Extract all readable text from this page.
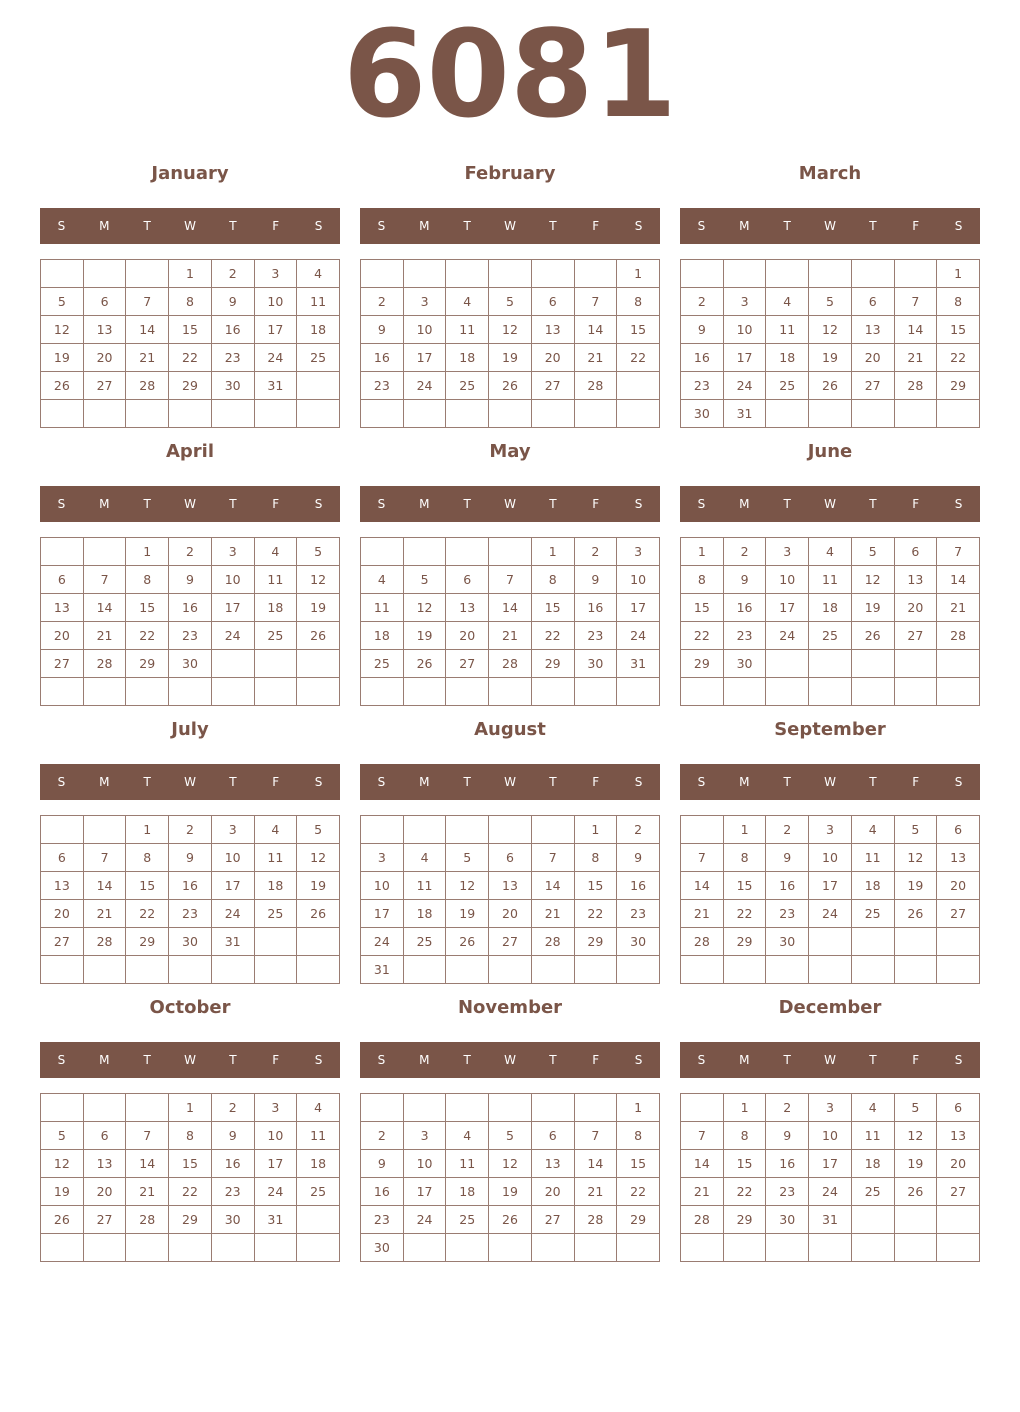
6081
January
S	M	T	W	T	F	S
			1	2	3	4
5	6	7	8	9	10	11
12	13	14	15	16	17	18
19	20	21	22	23	24	25
26	27	28	29	30	31	

February
S	M	T	W	T	F	S
						1
2	3	4	5	6	7	8
9	10	11	12	13	14	15
16	17	18	19	20	21	22
23	24	25	26	27	28	

March
S	M	T	W	T	F	S
						1
2	3	4	5	6	7	8
9	10	11	12	13	14	15
16	17	18	19	20	21	22
23	24	25	26	27	28	29
30	31					
April
S	M	T	W	T	F	S
		1	2	3	4	5
6	7	8	9	10	11	12
13	14	15	16	17	18	19
20	21	22	23	24	25	26
27	28	29	30			

May
S	M	T	W	T	F	S
				1	2	3
4	5	6	7	8	9	10
11	12	13	14	15	16	17
18	19	20	21	22	23	24
25	26	27	28	29	30	31

June
S	M	T	W	T	F	S
1	2	3	4	5	6	7
8	9	10	11	12	13	14
15	16	17	18	19	20	21
22	23	24	25	26	27	28
29	30					

July
S	M	T	W	T	F	S
		1	2	3	4	5
6	7	8	9	10	11	12
13	14	15	16	17	18	19
20	21	22	23	24	25	26
27	28	29	30	31		

August
S	M	T	W	T	F	S
					1	2
3	4	5	6	7	8	9
10	11	12	13	14	15	16
17	18	19	20	21	22	23
24	25	26	27	28	29	30
31						
September
S	M	T	W	T	F	S
	1	2	3	4	5	6
7	8	9	10	11	12	13
14	15	16	17	18	19	20
21	22	23	24	25	26	27
28	29	30				

October
S	M	T	W	T	F	S
			1	2	3	4
5	6	7	8	9	10	11
12	13	14	15	16	17	18
19	20	21	22	23	24	25
26	27	28	29	30	31	

November
S	M	T	W	T	F	S
						1
2	3	4	5	6	7	8
9	10	11	12	13	14	15
16	17	18	19	20	21	22
23	24	25	26	27	28	29
30						
December
S	M	T	W	T	F	S
	1	2	3	4	5	6
7	8	9	10	11	12	13
14	15	16	17	18	19	20
21	22	23	24	25	26	27
28	29	30	31			
